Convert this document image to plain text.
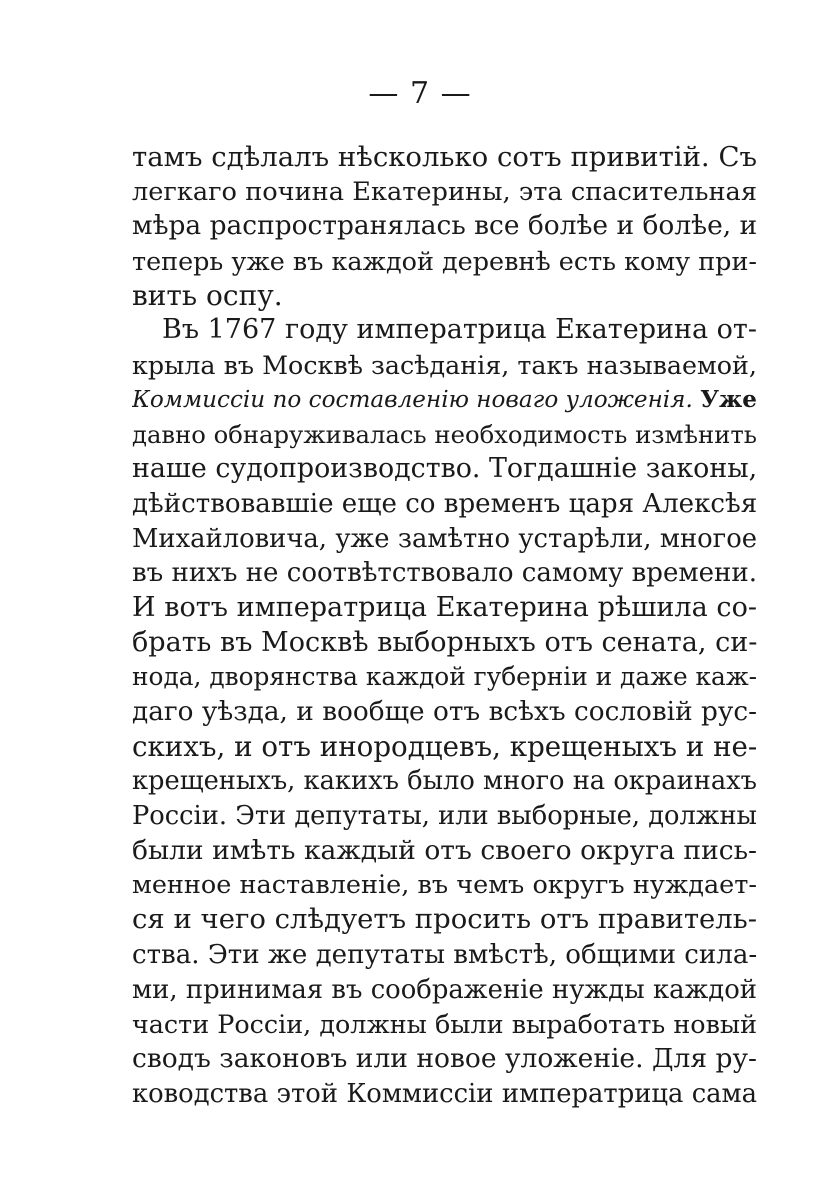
— 7 —
тамъ сдѣлалъ нѣсколько сотъ привитій. Съ
легкаго почина Екатерины, эта спасительная
мѣра распространялась все болѣе и болѣе, и
теперь уже въ каждой деревнѣ есть кому при-
вить оспу.
Въ 1767 году императрица Екатерина от-
крыла въ Москвѣ засѣданія, такъ называемой,
Коммиссіи по составленію новаго уложенія. Уже
давно обнаруживалась необходимость измѣнить
наше судопроизводство. Тогдашніе законы,
дѣйствовавшіе еще со временъ царя Алексѣя
Михайловича, уже замѣтно устарѣли, многое
въ нихъ не соотвѣтствовало самому времени.
И вотъ императрица Екатерина рѣшила со-
брать въ Москвѣ выборныхъ отъ сената, си-
нода, дворянства каждой губерніи и даже каж-
даго уѣзда, и вообще отъ всѣхъ сословій рус-
скихъ, и отъ инородцевъ, крещеныхъ и не-
крещеныхъ, какихъ было много на окраинахъ
Россіи. Эти депутаты, или выборные, должны
были имѣть каждый отъ своего округа пись-
менное наставленіе, въ чемъ округъ нуждает-
ся и чего слѣдуетъ просить отъ правитель-
ства. Эти же депутаты вмѣстѣ, общими сила-
ми, принимая въ соображеніе нужды каждой
части Россіи, должны были выработать новый
сводъ законовъ или новое уложеніе. Для ру-
ководства этой Коммиссіи императрица сама
